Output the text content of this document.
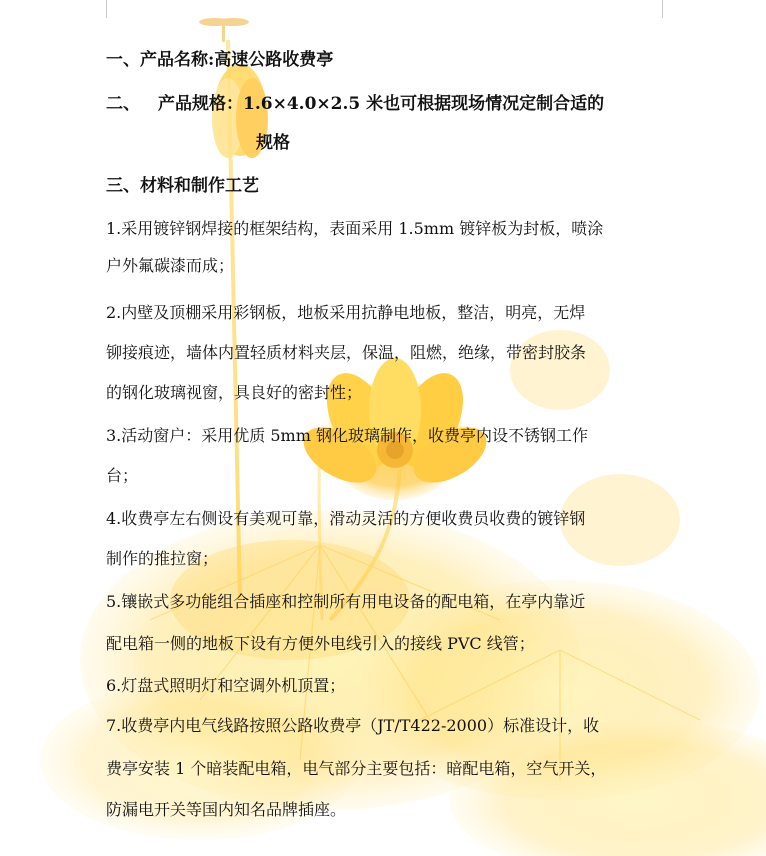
一、产品名称:高速公路收费亭
二、 产品规格：1.6×4.0×2.5 米也可根据现场情况定制合适的
规格
三、材料和制作工艺
1.采用镀锌钢焊接的框架结构，表面采用 1.5mm 镀锌板为封板，喷涂
户外氟碳漆而成；
2.内壁及顶棚采用彩钢板，地板采用抗静电地板，整洁，明亮，无焊
铆接痕迹，墙体内置轻质材料夹层，保温，阻燃，绝缘，带密封胶条
的钢化玻璃视窗，具良好的密封性；
3.活动窗户：采用优质 5mm 钢化玻璃制作，收费亭内设不锈钢工作
台；
4.收费亭左右侧设有美观可靠，滑动灵活的方便收费员收费的镀锌钢
制作的推拉窗；
5.镶嵌式多功能组合插座和控制所有用电设备的配电箱，在亭内靠近
配电箱一侧的地板下设有方便外电线引入的接线 PVC 线管；
6.灯盘式照明灯和空调外机顶置；
7.收费亭内电气线路按照公路收费亭（JT/T422-2000）标准设计，收
费亭安装 1 个暗装配电箱，电气部分主要包括：暗配电箱，空气开关，
防漏电开关等国内知名品牌插座。
